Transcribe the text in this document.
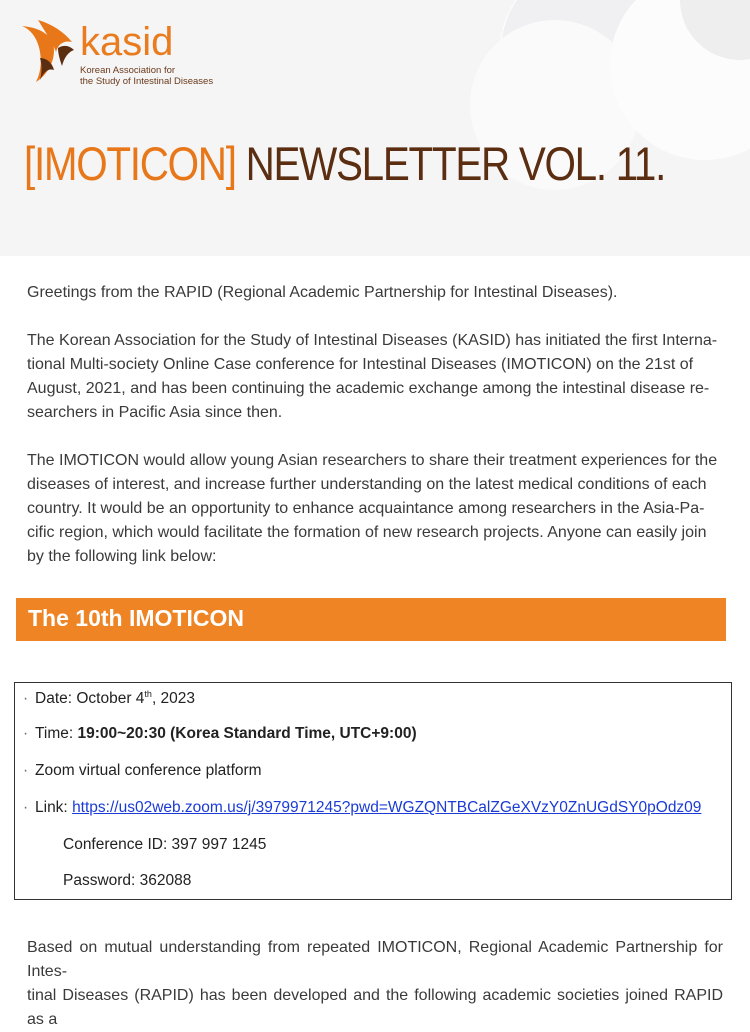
kasid
Korean Association for
the Study of Intestinal Diseases
[IMOTICON] NEWSLETTER VOL. 11.
Greetings from the RAPID (Regional Academic Partnership for Intestinal Diseases).
The Korean Association for the Study of Intestinal Diseases (KASID) has initiated the first Interna-
tional Multi-society Online Case conference for Intestinal Diseases (IMOTICON) on the 21st of
August, 2021, and has been continuing the academic exchange among the intestinal disease re-
searchers in Pacific Asia since then.
The IMOTICON would allow young Asian researchers to share their treatment experiences for the
diseases of interest, and increase further understanding on the latest medical conditions of each
country. It would be an opportunity to enhance acquaintance among researchers in the Asia-Pa-
cific region, which would facilitate the formation of new research projects. Anyone can easily join
by the following link below:
The 10th IMOTICON
· Date: October 4th, 2023
· Time: 19:00~20:30 (Korea Standard Time, UTC+9:00)
· Zoom virtual conference platform
· Link: https://us02web.zoom.us/j/3979971245?pwd=WGZQNTBCalZGeXVzY0ZnUGdSY0pOdz09
Conference ID: 397 997 1245
Password: 362088
Based on mutual understanding from repeated IMOTICON, Regional Academic Partnership for Intes-
tinal Diseases (RAPID) has been developed and the following academic societies joined RAPID as a
